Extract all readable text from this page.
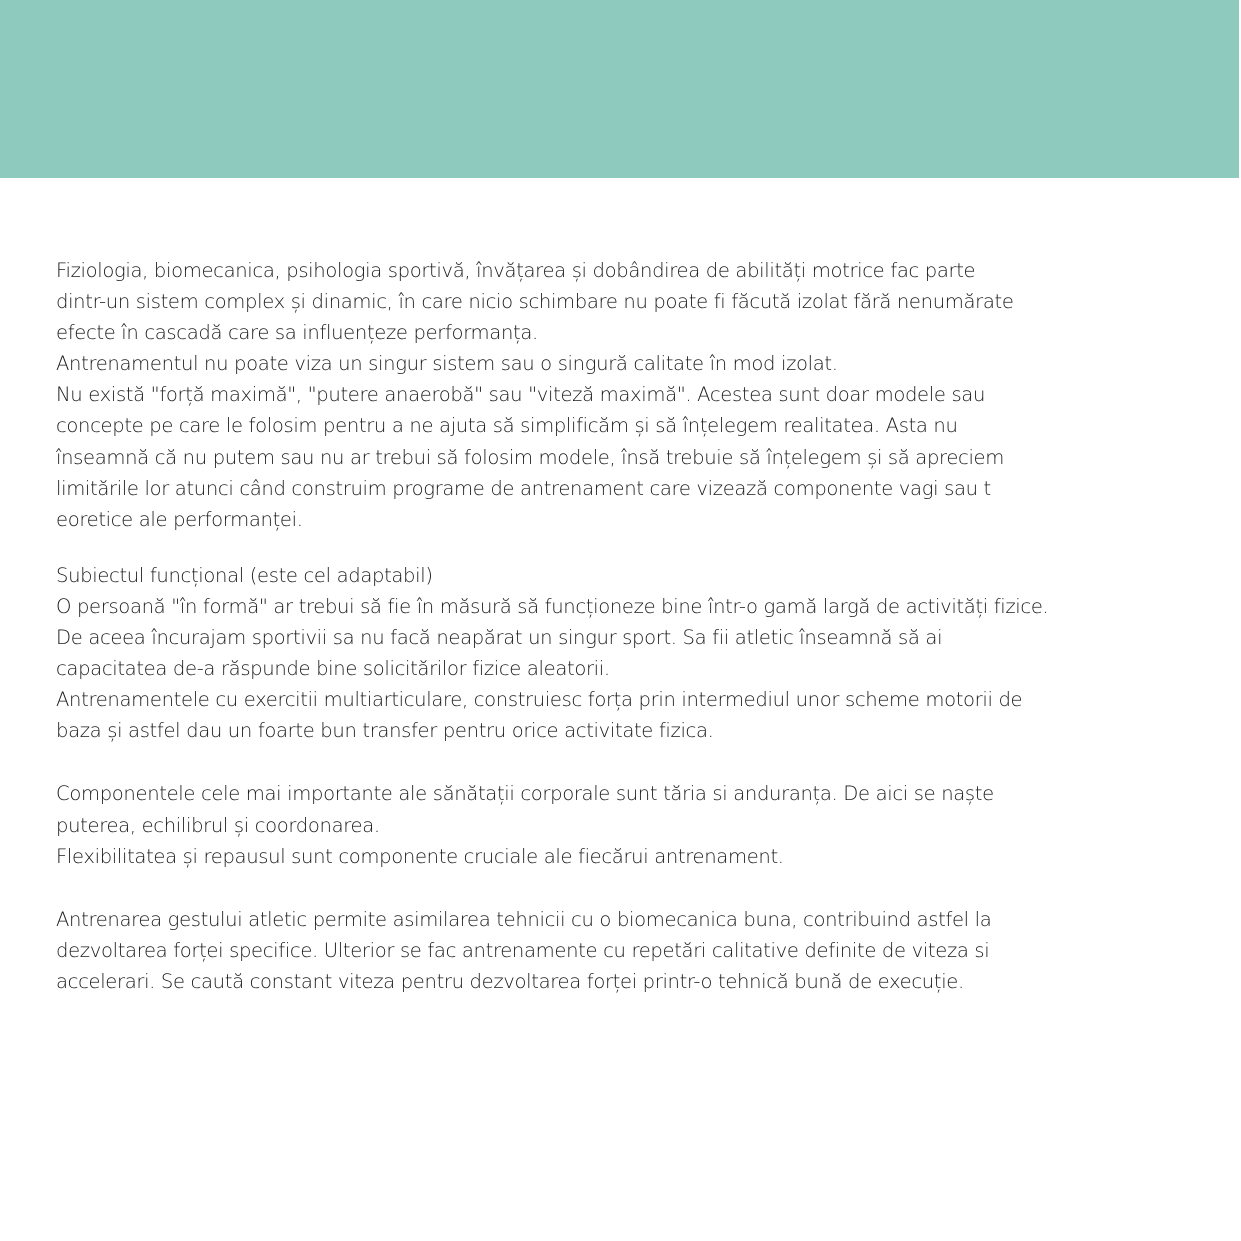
Fiziologia, biomecanica, psihologia sportivă, învățarea și dobândirea de abilități motrice fac parte
dintr-un sistem complex și dinamic, în care nicio schimbare nu poate fi făcută izolat fără nenumărate
efecte în cascadă care sa influențeze performanța.
Antrenamentul nu poate viza un singur sistem sau o singură calitate în mod izolat.
Nu există "forță maximă", "putere anaerobă" sau "viteză maximă". Acestea sunt doar modele sau
concepte pe care le folosim pentru a ne ajuta să simplificăm și să înțelegem realitatea. Asta nu
înseamnă că nu putem sau nu ar trebui să folosim modele, însă trebuie să înțelegem și să apreciem
limitările lor atunci când construim programe de antrenament care vizează componente vagi sau t
eoretice ale performanței.
Subiectul funcțional (este cel adaptabil)
O persoană "în formă" ar trebui să fie în măsură să funcționeze bine într-o gamă largă de activități fizice.
De aceea încurajam sportivii sa nu facă neapărat un singur sport. Sa fii atletic înseamnă să ai
capacitatea de-a răspunde bine solicitărilor fizice aleatorii.
Antrenamentele cu exercitii multiarticulare, construiesc forța prin intermediul unor scheme motorii de
baza și astfel dau un foarte bun transfer pentru orice activitate fizica.
Componentele cele mai importante ale sănătații corporale sunt tăria si anduranța. De aici se naște
puterea, echilibrul și coordonarea.
Flexibilitatea și repausul sunt componente cruciale ale fiecărui antrenament.
Antrenarea gestului atletic permite asimilarea tehnicii cu o biomecanica buna, contribuind astfel la
dezvoltarea forței specifice. Ulterior se fac antrenamente cu repetări calitative definite de viteza si
accelerari. Se caută constant viteza pentru dezvoltarea forței printr-o tehnică bună de execuție.
